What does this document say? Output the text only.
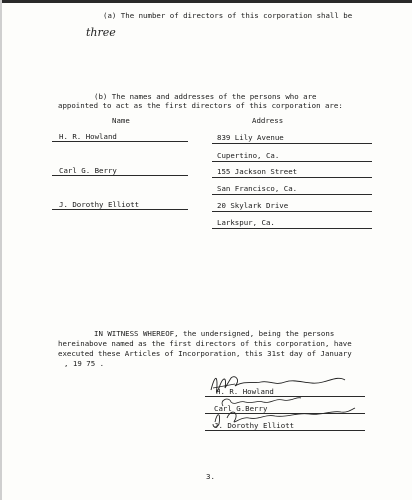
(a) The number of directors of this corporation shall be
three
(b) The names and addresses of the persons who are
appointed to act as the first directors of this corporation are:
Name	Address
H. R. Howland	839 Lily Avenue
Cupertino, Ca.
Carl G. Berry	155 Jackson Street
San Francisco, Ca.
J. Dorothy Elliott	20 Skylark Drive
Larkspur, Ca.
IN WITNESS WHEREOF, the undersigned, being the persons
hereinabove named as the first directors of this corporation, have
executed these Articles of Incorporation, this 31st day of January
, 19 75 .
H. R. Howland
Carl G.Berry
J. Dorothy Elliott
3.
